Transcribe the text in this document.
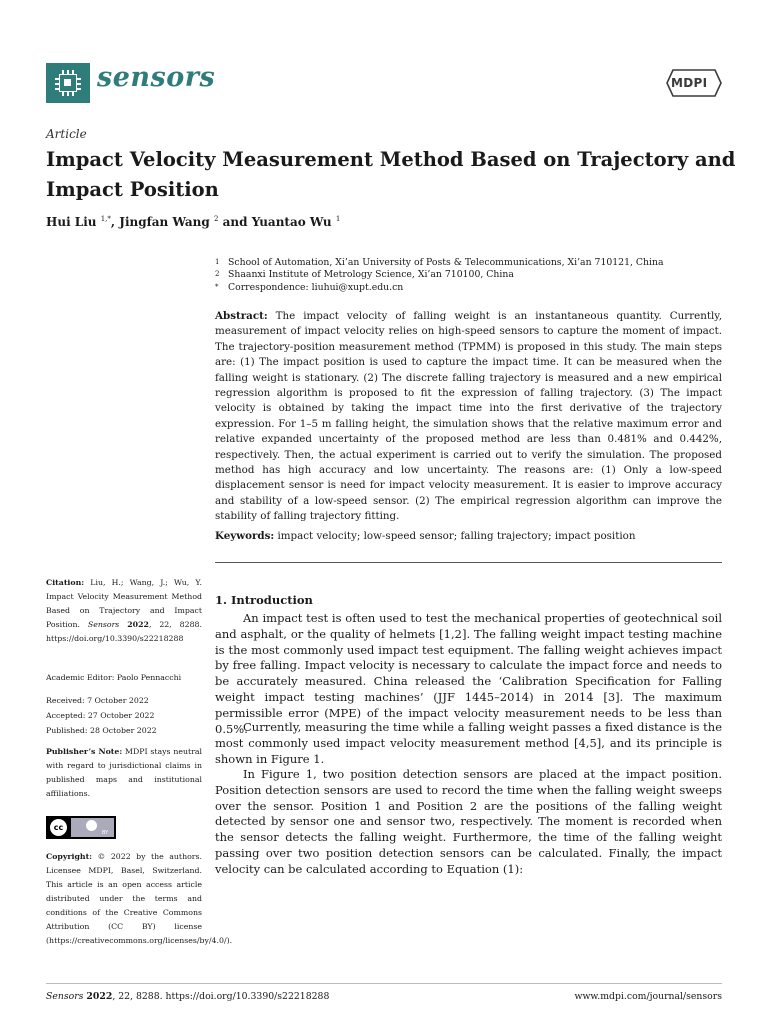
sensors	MDPI
Article
Impact Velocity Measurement Method Based on Trajectory and Impact Position
Hui Liu $^{1,*}$, Jingfan Wang $^2$ and Yuantao Wu $^1$
1 School of Automation, Xi’an University of Posts & Telecommunications, Xi’an 710121, China
2 Shaanxi Institute of Metrology Science, Xi’an 710100, China
*	Correspondence: liuhui@xupt.edu.cn
Abstract: The impact velocity of falling weight is an instantaneous quantity. Currently, measurement of impact velocity relies on high-speed sensors to capture the moment of impact. The trajectory-position measurement method (TPMM) is proposed in this study. The main steps are: (1) The impact position is used to capture the impact time. It can be measured when the falling weight is stationary. (2) The discrete falling trajectory is measured and a new empirical regression algorithm is proposed to fit the expression of falling trajectory. (3) The impact velocity is obtained by taking the impact time into the first derivative of the trajectory expression. For 1–5 m falling height, the simulation shows that the relative maximum error and relative expanded uncertainty of the proposed method are less than 0.481% and 0.442%, respectively. Then, the actual experiment is carried out to verify the simulation. The proposed method has high accuracy and low uncertainty. The reasons are: (1) Only a low-speed displacement sensor is need for impact velocity measurement. It is easier to improve accuracy and stability of a low-speed sensor. (2) The empirical regression algorithm can improve the stability of falling trajectory fitting.
Keywords: impact velocity; low-speed sensor; falling trajectory; impact position
Citation: Liu, H.; Wang, J.; Wu, Y. Impact Velocity Measurement Method Based on Trajectory and Impact Position. Sensors 2022, 22, 8288. https://doi.org/10.3390/s22218288
Academic Editor: Paolo Pennacchi
Received: 7 October 2022
Accepted: 27 October 2022
Published: 28 October 2022
Publisher’s Note: MDPI stays neutral with regard to jurisdictional claims in published maps and institutional affiliations.
cc
BY
Copyright: © 2022 by the authors. Licensee MDPI, Basel, Switzerland. This article is an open access article distributed under the terms and conditions of the Creative Commons Attribution (CC BY) license (https://creativecommons.org/licenses/by/4.0/).
1. Introduction
An impact test is often used to test the mechanical properties of geotechnical soil and asphalt, or the quality of helmets [1,2]. The falling weight impact testing machine is the most commonly used impact test equipment. The falling weight achieves impact by free falling. Impact velocity is necessary to calculate the impact force and needs to be accurately measured. China released the ‘Calibration Specification for Falling weight impact testing machines’ (JJF 1445–2014) in 2014 [3]. The maximum permissible error (MPE) of the impact velocity measurement needs to be less than 0.5%.
Currently, measuring the time while a falling weight passes a fixed distance is the most commonly used impact velocity measurement method [4,5], and its principle is shown in Figure 1.
In Figure 1, two position detection sensors are placed at the impact position. Position detection sensors are used to record the time when the falling weight sweeps over the sensor. Position 1 and Position 2 are the positions of the falling weight detected by sensor one and sensor two, respectively. The moment is recorded when the sensor detects the falling weight. Furthermore, the time of the falling weight passing over two position detection sensors can be calculated. Finally, the impact velocity can be calculated according to Equation (1):
Sensors 2022, 22, 8288. https://doi.org/10.3390/s22218288	www.mdpi.com/journal/sensors
